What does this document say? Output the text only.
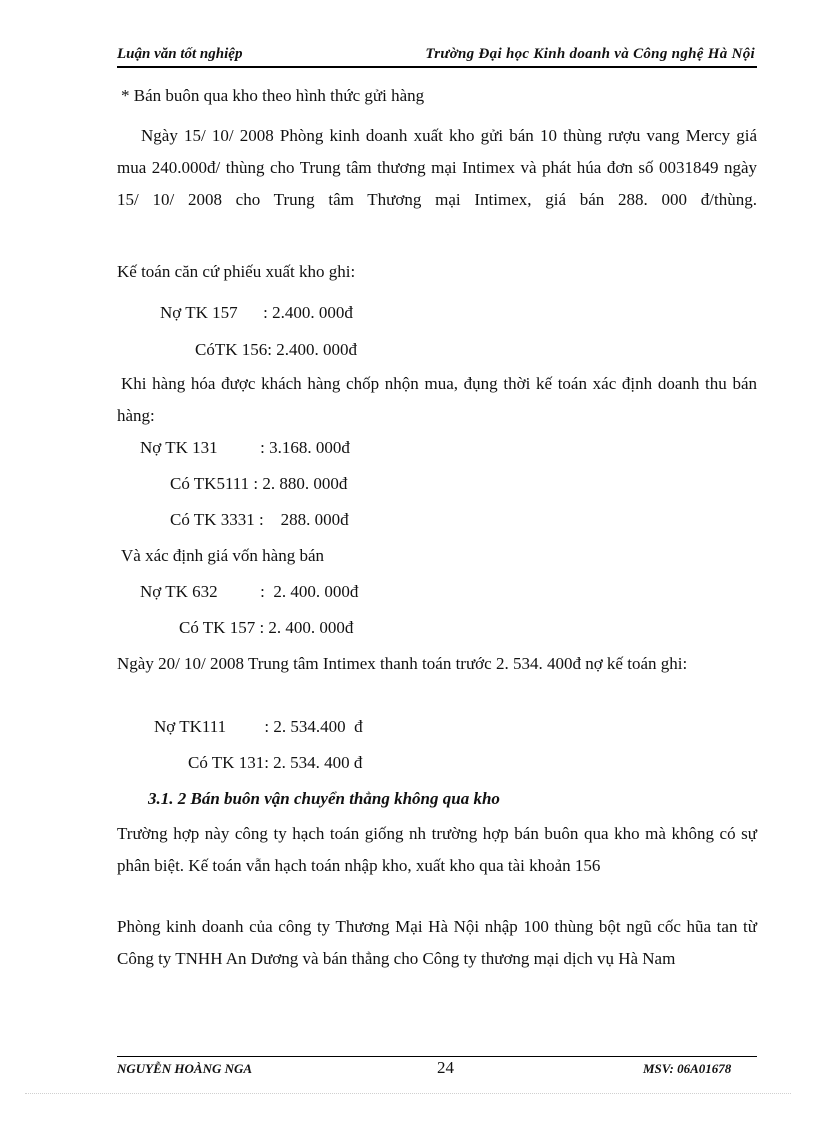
Luận văn tốt nghiệp	Trường Đại học Kinh doanh và Công nghệ Hà Nội
* Bán buôn qua kho theo hình thức gửi hàng

Ngày 15/ 10/ 2008 Phòng kinh doanh xuất kho gửi bán 10 thùng rượu vang Mercy giá mua 240.000đ/ thùng cho Trung tâm thương mại Intimex và phát húa đơn số 0031849 ngày 15/ 10/ 2008 cho Trung tâm Thương mại Intimex, giá bán 288. 000 đ/thùng.

Kế toán căn cứ phiếu xuất kho ghi:
Nợ TK 157      : 2.400. 000đ
CóTK 156: 2.400. 000đ

Khi hàng hóa được khách hàng chốp nhộn mua, đụng thời kế toán xác định doanh thu bán hàng:

Nợ TK 131          : 3.168. 000đ
Có TK5111 : 2. 880. 000đ
Có TK 3331 :    288. 000đ
Và xác định giá vốn hàng bán
Nợ TK 632          :  2. 400. 000đ
Có TK 157 : 2. 400. 000đ

Ngày 20/ 10/ 2008 Trung tâm Intimex thanh toán trước 2. 534. 400đ nợ kế toán ghi:

Nợ TK111         : 2. 534.400  đ
Có TK 131: 2. 534. 400 đ
3.1. 2 Bán buôn vận chuyển thẳng không qua kho

Trường hợp này công ty hạch toán giống nh trường hợp bán buôn qua kho mà không có sự phân biệt. Kế toán vẫn hạch toán nhập kho, xuất kho qua tài khoản 156

Phòng kinh doanh của công ty Thương Mại Hà Nội nhập 100 thùng bột ngũ cốc hũa tan từ Công ty TNHH An Dương và bán thẳng cho Công ty thương mại dịch vụ Hà Nam

NGUYỄN HOÀNG NGA	24	MSV: 06A01678
